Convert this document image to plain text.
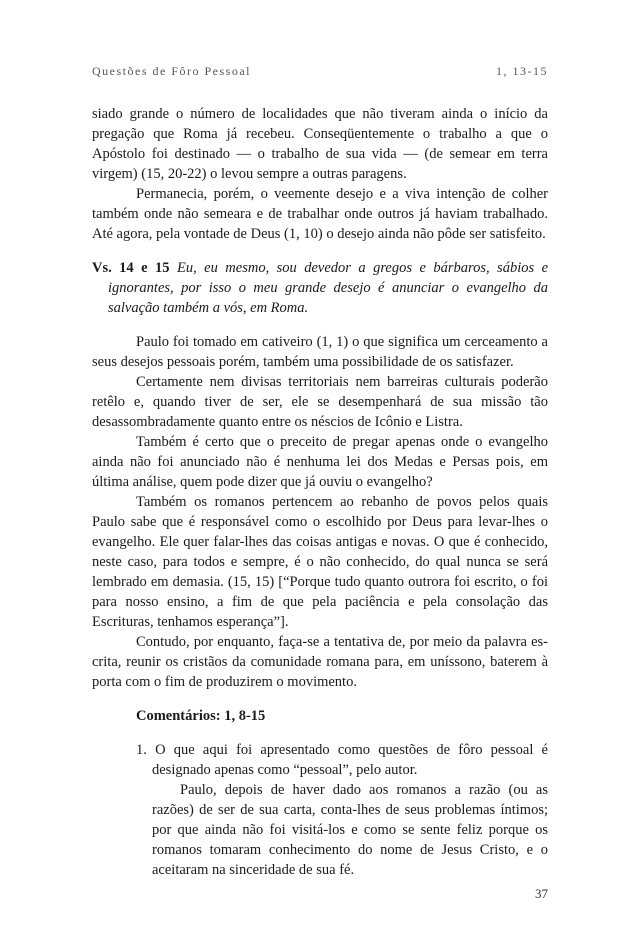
Questões de Fôro Pessoal	1, 13-15

siado grande o número de localidades que não tiveram ainda o início da pregação que Roma já recebeu. Conseqüentemente o trabalho a que o Apóstolo foi destinado — o trabalho de sua vida — (de semear em terra virgem) (15, 20-22) o levou sempre a outras paragens.

Permanecia, porém, o veemente desejo e a viva intenção de colher também onde não semeara e de trabalhar onde outros já haviam trabalhado. Até agora, pela vontade de Deus (1, 10) o desejo ainda não pôde ser satisfeito.

Vs. 14 e 15 Eu, eu mesmo, sou devedor a gregos e bárbaros, sábios e ignorantes, por isso o meu grande desejo é anunciar o evangelho da salvação também a vós, em Roma.

Paulo foi tomado em cativeiro (1, 1) o que significa um cerceamento a seus desejos pessoais porém, também uma possibilidade de os satisfazer.

Certamente nem divisas territoriais nem barreiras culturais poderão retêlo e, quando tiver de ser, ele se desempenhará de sua missão tão desassombradamente quanto entre os néscios de Icônio e Listra.

Também é certo que o preceito de pregar apenas onde o evangelho ainda não foi anunciado não é nenhuma lei dos Medas e Persas pois, em última análise, quem pode dizer que já ouviu o evangelho?

Também os romanos pertencem ao rebanho de povos pelos quais Paulo sabe que é responsável como o escolhido por Deus para levar-lhes o evangelho. Ele quer falar-lhes das coisas antigas e novas. O que é conhecido, neste caso, para todos e sempre, é o não conhecido, do qual nunca se será lembrado em demasia. (15, 15) [“Porque tudo quanto outrora foi escrito, o foi para nosso ensino, a fim de que pela paciência e pela consolação das Escrituras, tenhamos esperança”].

Contudo, por enquanto, faça-se a tentativa de, por meio da palavra escrita, reunir os cristãos da comunidade romana para, em uníssono, baterem à porta com o fim de produzirem o movimento.

Comentários: 1, 8-15

1. O que aqui foi apresentado como questões de fôro pessoal é designado apenas como “pessoal”, pelo autor.

Paulo, depois de haver dado aos romanos a razão (ou as razões) de ser de sua carta, conta-lhes de seus problemas íntimos; por que ainda não foi visitá-los e como se sente feliz porque os romanos tomaram conhecimento do nome de Jesus Cristo, e o aceitaram na sinceridade de sua fé.

37
